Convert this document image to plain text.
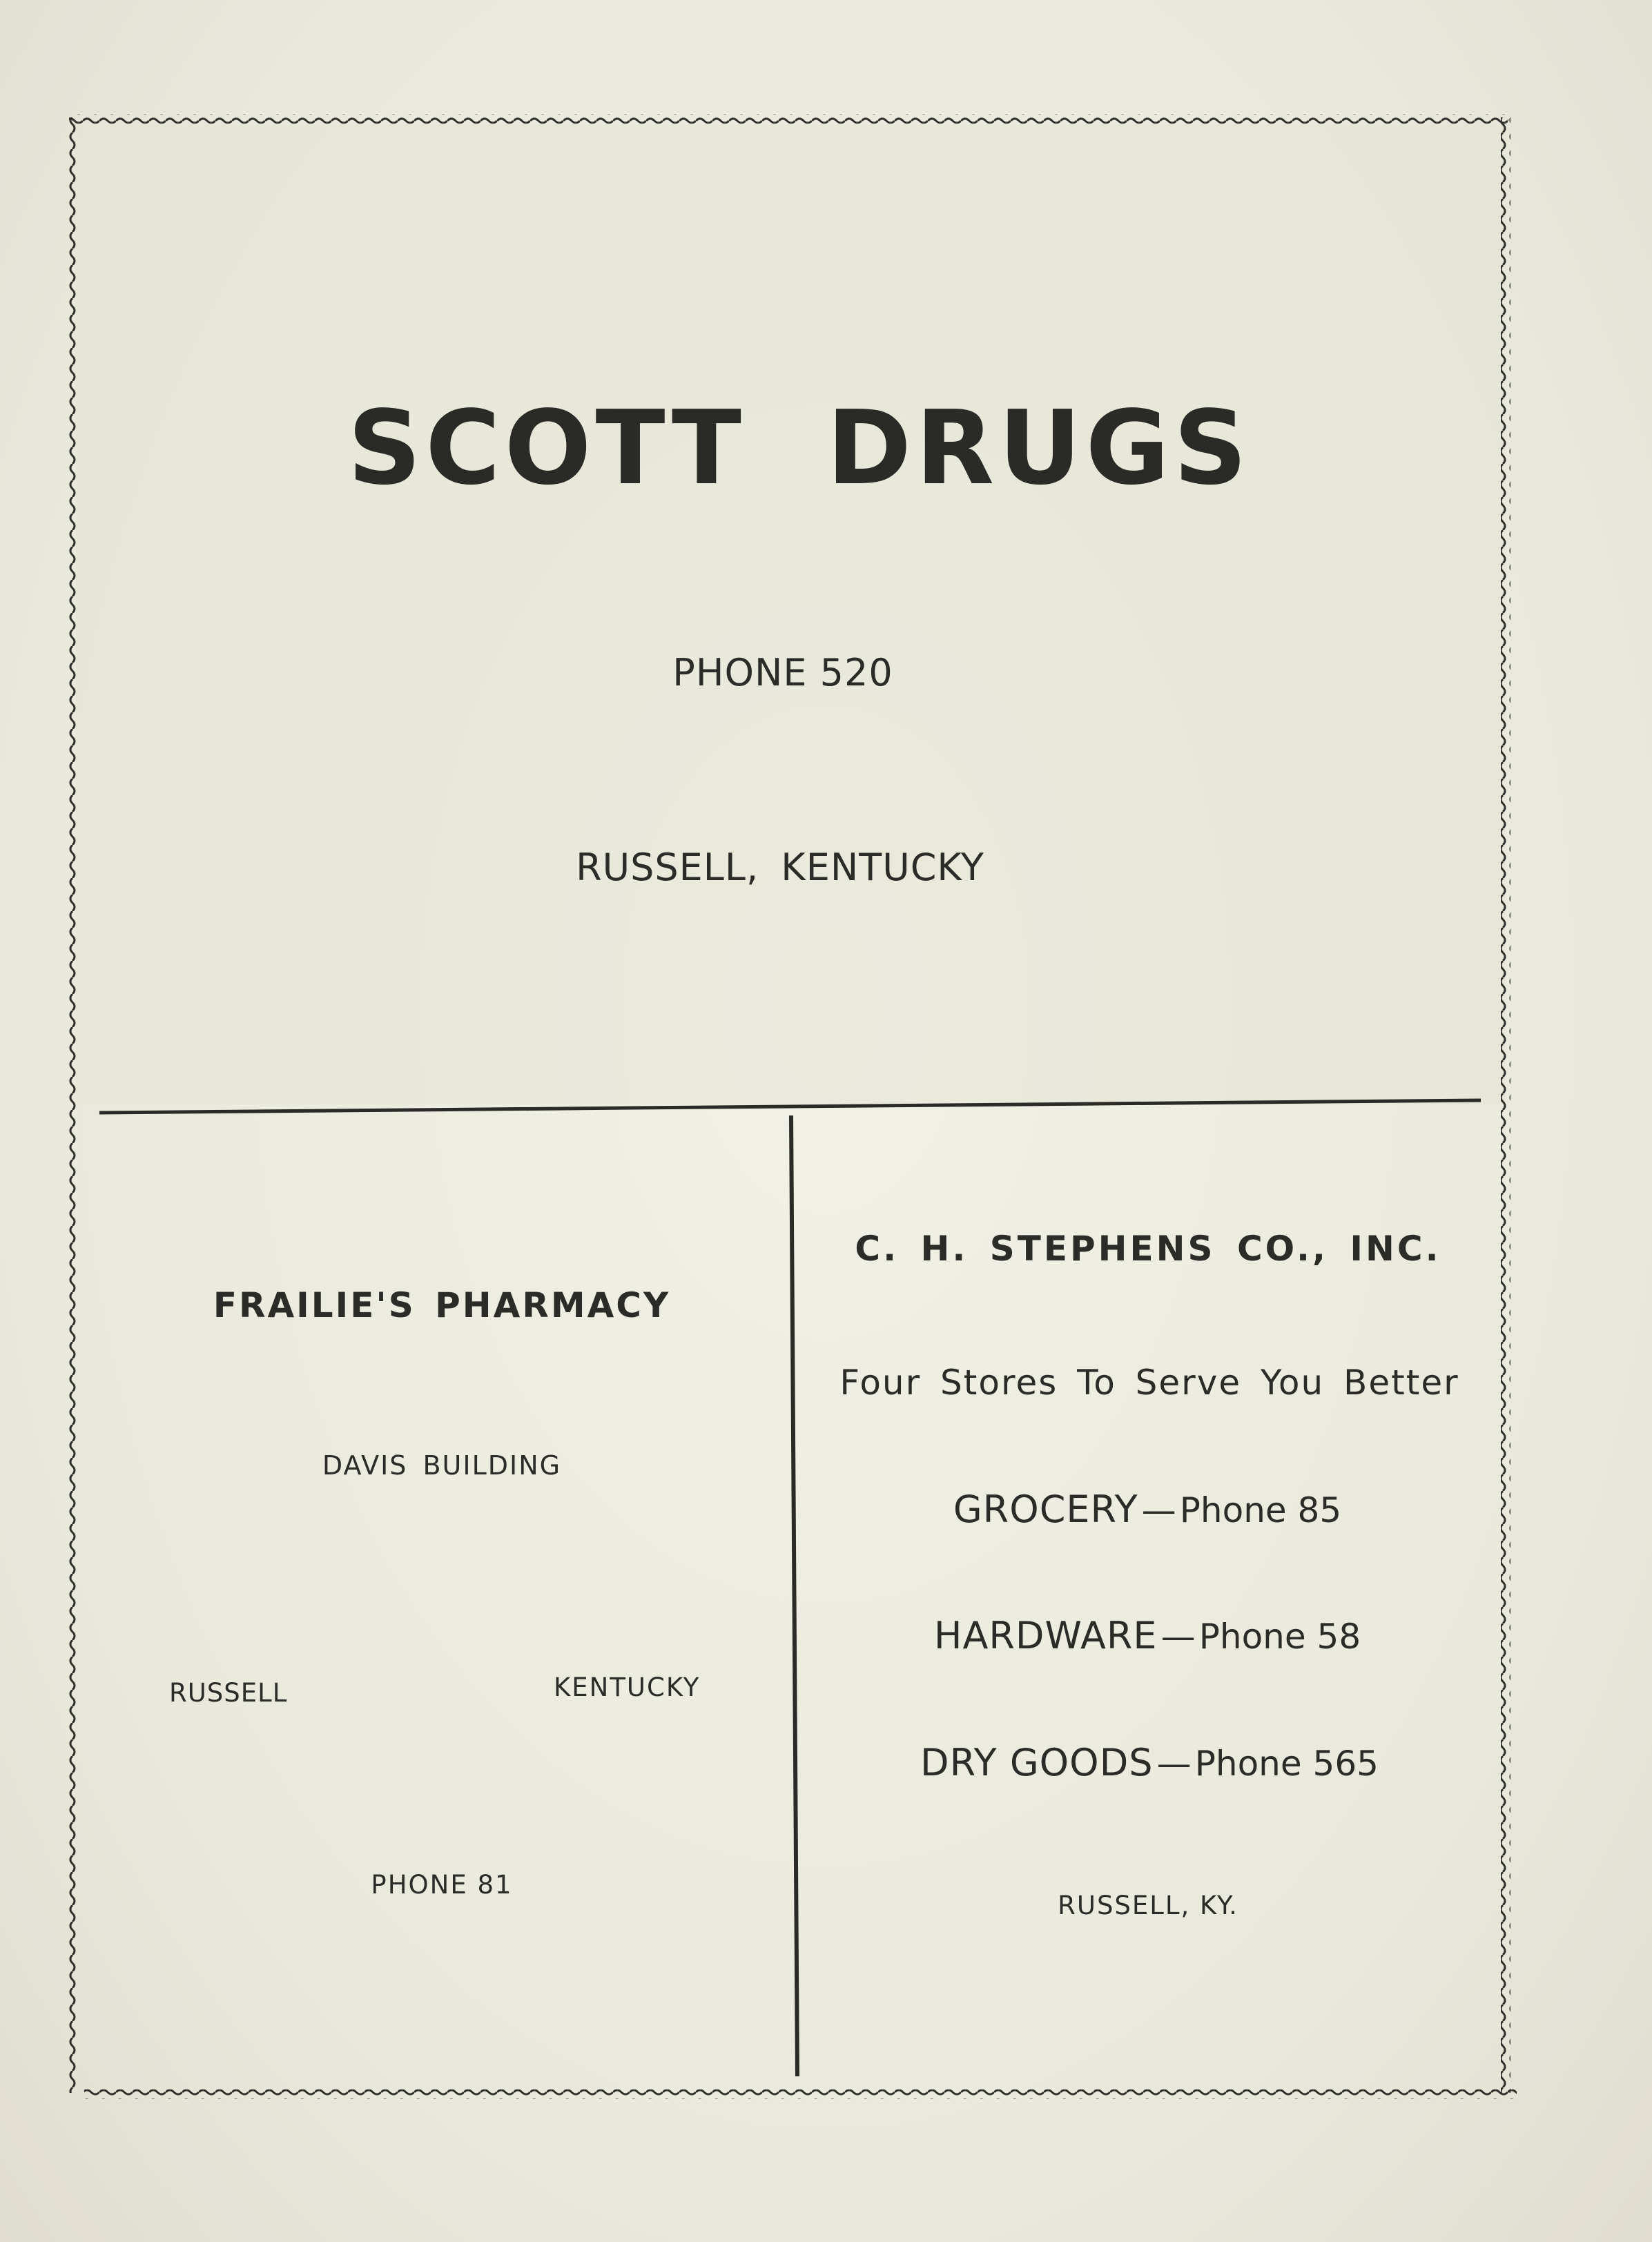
SCOTT DRUGS
PHONE 520
RUSSELL, KENTUCKY
FRAILIE'S PHARMACY
DAVIS BUILDING
RUSSELL	KENTUCKY
PHONE 81
C. H. STEPHENS CO., INC.
Four Stores To Serve You Better
GROCERY — Phone 85
HARDWARE — Phone 58
DRY GOODS — Phone 565
RUSSELL, KY.
